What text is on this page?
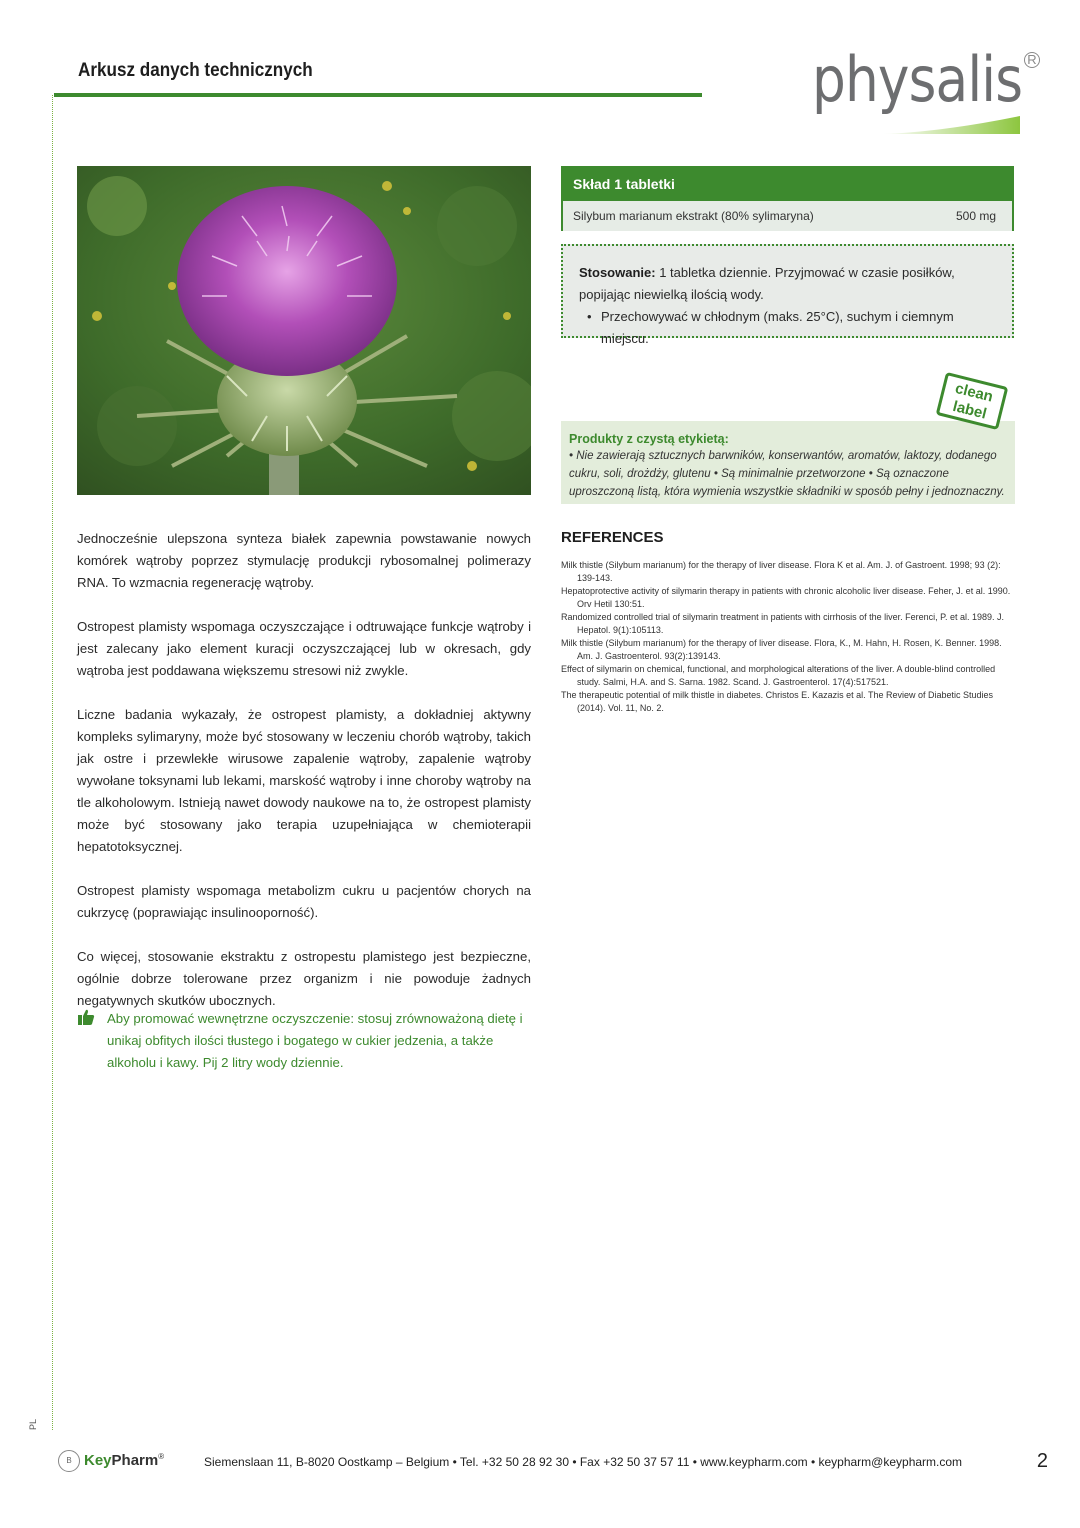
PL
Arkusz danych technicznych	physalis R
Skład 1 tabletki
Silybum marianum ekstrakt (80% sylimaryna)	500 mg
Stosowanie: 1 tabletka dziennie. Przyjmować w czasie posiłków, popijając niewielką ilością wody.
• Przechowywać w chłodnym (maks. 25°C), suchym i ciemnym miejscu.
Produkty z czystą etykietą:
• Nie zawierają sztucznych barwników, konserwantów, aromatów, laktozy, dodanego cukru, soli, drożdży, glutenu • Są minimalnie przetworzone • Są oznaczone uproszczoną listą, która wymienia wszystkie składniki w sposób pełny i jednoznaczny.
clean
label
REFERENCES
Milk thistle (Silybum marianum) for the therapy of liver disease. Flora K et al. Am. J. of Gastroent. 1998; 93 (2): 139-143.
Hepatoprotective activity of silymarin therapy in patients with chronic alcoholic liver disease. Feher, J. et al. 1990. Orv Hetil 130:51.
Randomized controlled trial of silymarin treatment in patients with cirrhosis of the liver. Ferenci, P. et al. 1989. J. Hepatol. 9(1):105113.
Milk thistle (Silybum marianum) for the therapy of liver disease. Flora, K., M. Hahn, H. Rosen, K. Benner. 1998. Am. J. Gastroenterol. 93(2):139143.
Effect of silymarin on chemical, functional, and morphological alterations of the liver. A double-blind controlled study. Salmi, H.A. and S. Sarna. 1982. Scand. J. Gastroenterol. 17(4):517521.
The therapeutic potential of milk thistle in diabetes. Christos E. Kazazis et al. The Review of Diabetic Studies (2014). Vol. 11, No. 2.

Jednocześnie ulepszona synteza białek zapewnia powstawanie nowych komórek wątroby poprzez stymulację produkcji rybosomalnej polimerazy RNA. To wzmacnia regenerację wątroby.

Ostropest plamisty wspomaga oczyszczające i odtruwające funkcje wątroby i jest zalecany jako element kuracji oczyszczającej lub w okresach, gdy wątroba jest poddawana większemu stresowi niż zwykle.

Liczne badania wykazały, że ostropest plamisty, a dokładniej aktywny kompleks sylimaryny, może być stosowany w leczeniu chorób wątroby, takich jak ostre i przewlekłe wirusowe zapalenie wątroby, zapalenie wątroby wywołane toksynami lub lekami, marskość wątroby i inne choroby wątroby na tle alkoholowym. Istnieją nawet dowody naukowe na to, że ostropest plamisty może być stosowany jako terapia uzupełniająca w chemioterapii hepatotoksycznej.

Ostropest plamisty wspomaga metabolizm cukru u pacjentów chorych na cukrzycę (poprawiając insulinooporność).

Co więcej, stosowanie ekstraktu z ostropestu plamistego jest bezpieczne, ogólnie dobrze tolerowane przez organizm i nie powoduje żadnych negatywnych skutków ubocznych.

Aby promować wewnętrzne oczyszczenie: stosuj zrównoważoną dietę i unikaj obfitych ilości tłustego i bogatego w cukier jedzenia, a także alkoholu i kawy. Pij 2 litry wody dziennie.
B KeyPharm®	Siemenslaan 11, B-8020 Oostkamp – Belgium • Tel. +32 50 28 92 30 • Fax +32 50 37 57 11 • www.keypharm.com • keypharm@keypharm.com	2
